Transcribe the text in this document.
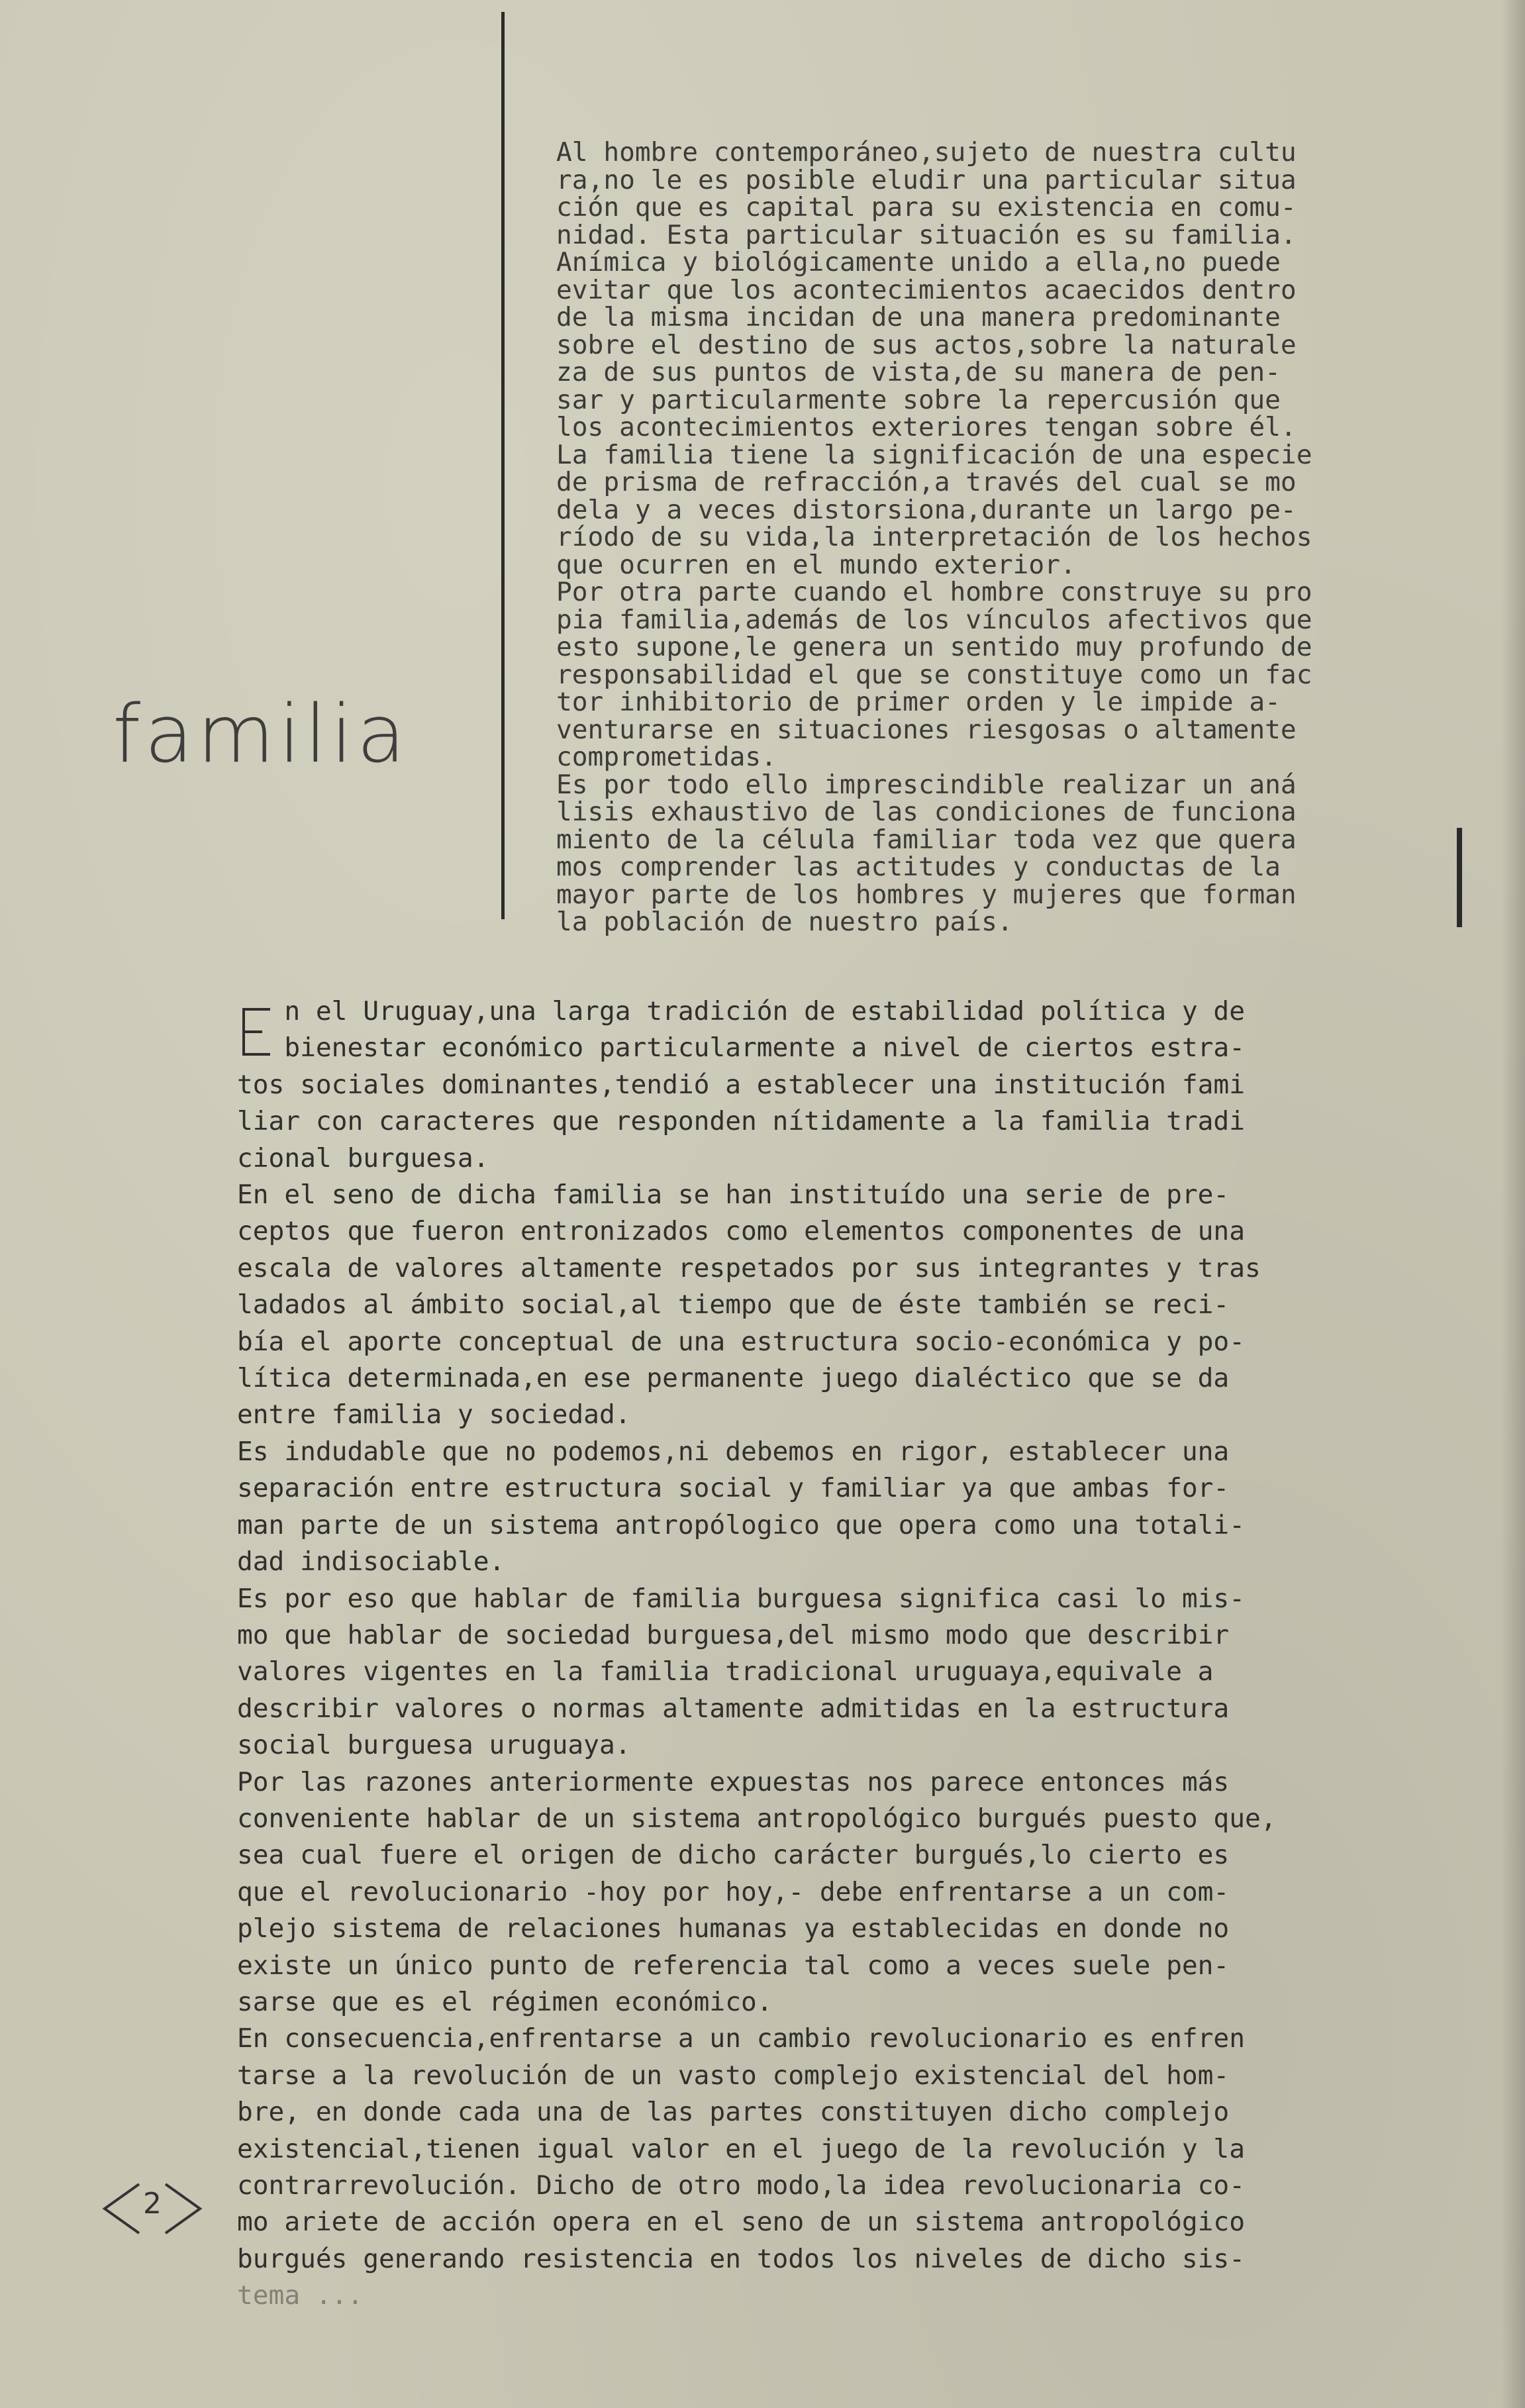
familia
Al hombre contemporáneo,sujeto de nuestra cultu
ra,no le es posible eludir una particular situa
ción que es capital para su existencia en comu-
nidad. Esta particular situación es su familia.
Anímica y biológicamente unido a ella,no puede
evitar que los acontecimientos acaecidos dentro
de la misma incidan de una manera predominante
sobre el destino de sus actos,sobre la naturale
za de sus puntos de vista,de su manera de pen-
sar y particularmente sobre la repercusión que
los acontecimientos exteriores tengan sobre él.
La familia tiene la significación de una especie
de prisma de refracción,a través del cual se mo
dela y a veces distorsiona,durante un largo pe-
ríodo de su vida,la interpretación de los hechos
que ocurren en el mundo exterior.
Por otra parte cuando el hombre construye su pro
pia familia,además de los vínculos afectivos que
esto supone,le genera un sentido muy profundo de
responsabilidad el que se constituye como un fac
tor inhibitorio de primer orden y le impide a-
venturarse en situaciones riesgosas o altamente
comprometidas.
Es por todo ello imprescindible realizar un aná
lisis exhaustivo de las condiciones de funciona
miento de la célula familiar toda vez que quera
mos comprender las actitudes y conductas de la
mayor parte de los hombres y mujeres que forman
la población de nuestro país.
n el Uruguay,una larga tradición de estabilidad política y de
bienestar económico particularmente a nivel de ciertos estra-
tos sociales dominantes,tendió a establecer una institución fami
liar con caracteres que responden nítidamente a la familia tradi
cional burguesa.
En el seno de dicha familia se han instituído una serie de pre-
ceptos que fueron entronizados como elementos componentes de una
escala de valores altamente respetados por sus integrantes y tras
ladados al ámbito social,al tiempo que de éste también se reci-
bía el aporte conceptual de una estructura socio-económica y po-
lítica determinada,en ese permanente juego dialéctico que se da
entre familia y sociedad.
Es indudable que no podemos,ni debemos en rigor, establecer una
separación entre estructura social y familiar ya que ambas for-
man parte de un sistema antropólogico que opera como una totali-
dad indisociable.
Es por eso que hablar de familia burguesa significa casi lo mis-
mo que hablar de sociedad burguesa,del mismo modo que describir
valores vigentes en la familia tradicional uruguaya,equivale a
describir valores o normas altamente admitidas en la estructura
social burguesa uruguaya.
Por las razones anteriormente expuestas nos parece entonces más
conveniente hablar de un sistema antropológico burgués puesto que,
sea cual fuere el origen de dicho carácter burgués,lo cierto es
que el revolucionario -hoy por hoy,- debe enfrentarse a un com-
plejo sistema de relaciones humanas ya establecidas en donde no
existe un único punto de referencia tal como a veces suele pen-
sarse que es el régimen económico.
En consecuencia,enfrentarse a un cambio revolucionario es enfren
tarse a la revolución de un vasto complejo existencial del hom-
bre, en donde cada una de las partes constituyen dicho complejo
existencial,tienen igual valor en el juego de la revolución y la
contrarrevolución. Dicho de otro modo,la idea revolucionaria co-
mo ariete de acción opera en el seno de un sistema antropológico
burgués generando resistencia en todos los niveles de dicho sis-
tema ...
2
